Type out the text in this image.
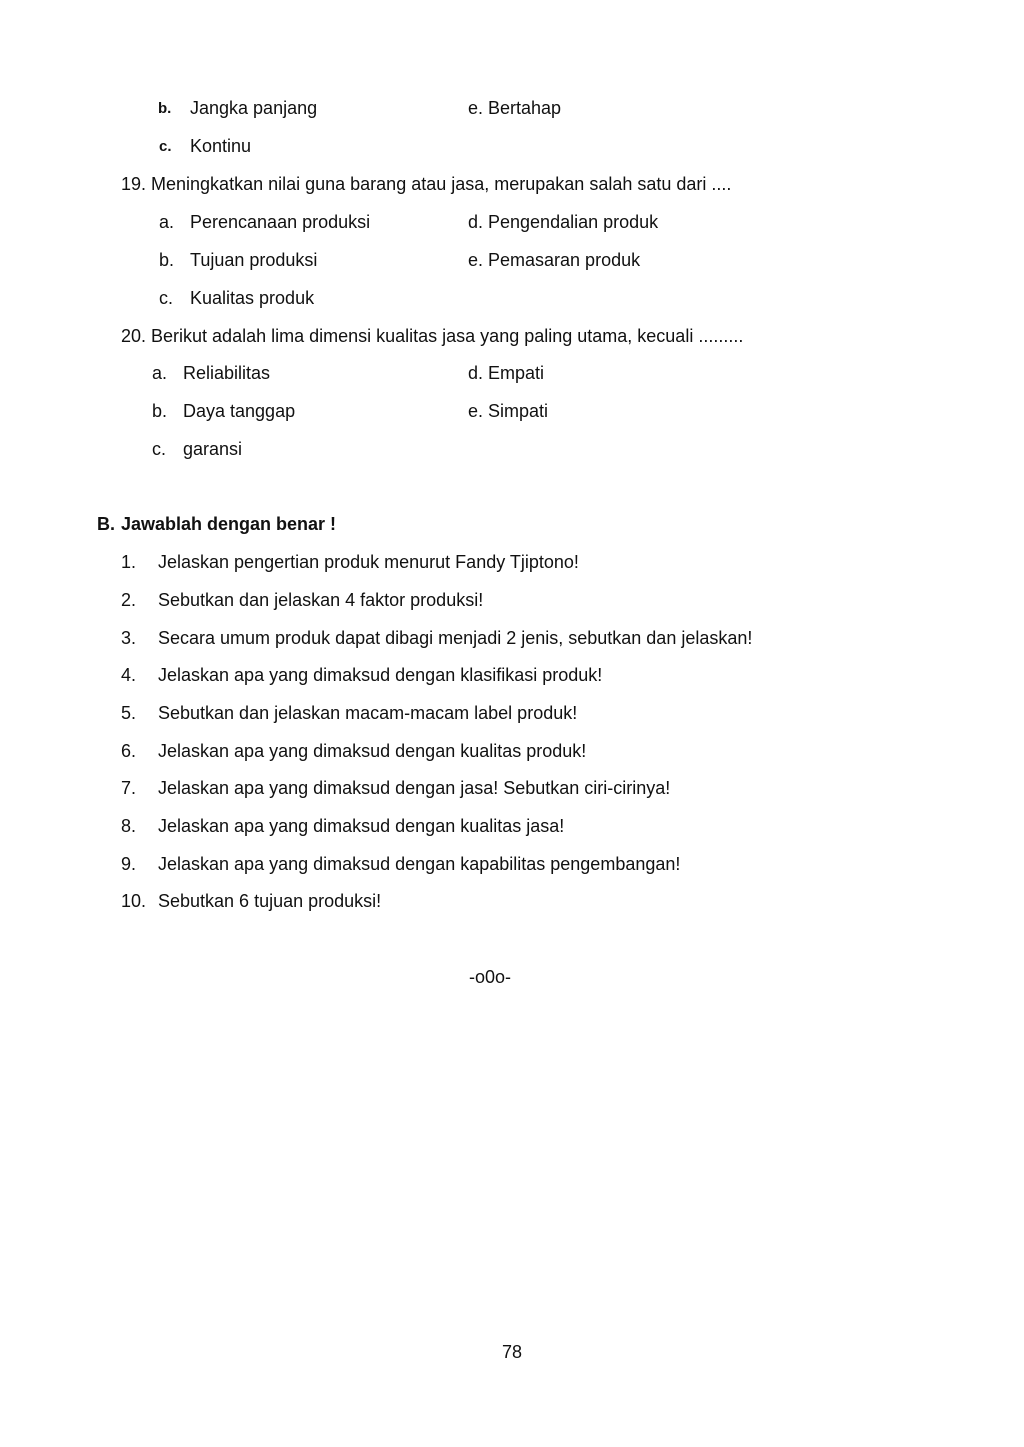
b. Jangka panjang	e. Bertahap
c. Kontinu
19. Meningkatkan nilai guna barang atau jasa, merupakan salah satu dari ....
a. Perencanaan produksi	d. Pengendalian produk
b. Tujuan produksi	e. Pemasaran produk
c. Kualitas produk
20. Berikut adalah lima dimensi kualitas jasa yang paling utama, kecuali .........
a. Reliabilitas	d. Empati
b. Daya tanggap	e. Simpati
c. garansi
B. Jawablah dengan benar !
1. Jelaskan pengertian produk menurut Fandy Tjiptono!
2. Sebutkan dan jelaskan 4 faktor produksi!
3. Secara umum produk dapat dibagi menjadi 2 jenis, sebutkan dan jelaskan!
4. Jelaskan apa yang dimaksud dengan klasifikasi produk!
5. Sebutkan dan jelaskan macam-macam label produk!
6. Jelaskan apa yang dimaksud dengan kualitas produk!
7. Jelaskan apa yang dimaksud dengan jasa! Sebutkan ciri-cirinya!
8. Jelaskan apa yang dimaksud dengan kualitas jasa!
9. Jelaskan apa yang dimaksud dengan kapabilitas pengembangan!
10. Sebutkan 6 tujuan produksi!
-o0o-
78
